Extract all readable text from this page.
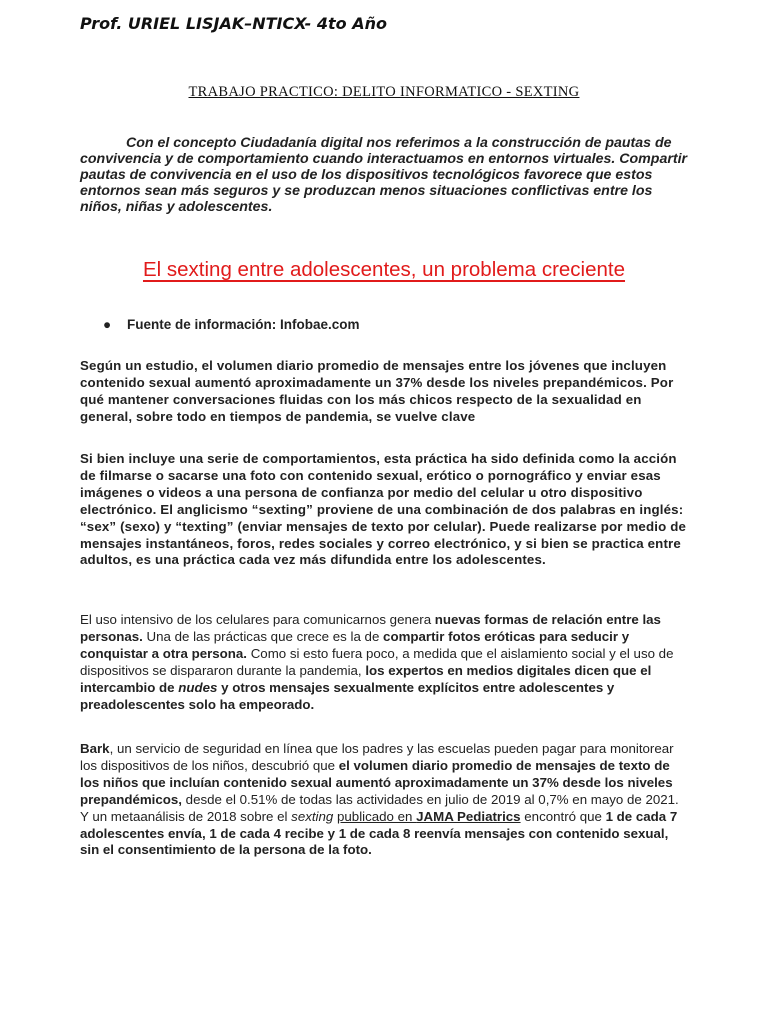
Prof. URIEL LISJAK–NTICX- 4to Año
TRABAJO PRACTICO: DELITO INFORMATICO - SEXTING
Con el concepto Ciudadanía digital nos referimos a la construcción de pautas de convivencia y de comportamiento cuando interactuamos en entornos virtuales. Compartir pautas de convivencia en el uso de los dispositivos tecnológicos favorece que estos entornos sean más seguros y se produzcan menos situaciones conflictivas entre los niños, niñas y adolescentes.
El sexting entre adolescentes, un problema creciente
● Fuente de información: Infobae.com
Según un estudio, el volumen diario promedio de mensajes entre los jóvenes que incluyen contenido sexual aumentó aproximadamente un 37% desde los niveles prepandémicos. Por qué mantener conversaciones fluidas con los más chicos respecto de la sexualidad en general, sobre todo en tiempos de pandemia, se vuelve clave
Si bien incluye una serie de comportamientos, esta práctica ha sido definida como la acción de filmarse o sacarse una foto con contenido sexual, erótico o pornográfico y enviar esas imágenes o videos a una persona de confianza por medio del celular u otro dispositivo electrónico. El anglicismo “sexting” proviene de una combinación de dos palabras en inglés: “sex” (sexo) y “texting” (enviar mensajes de texto por celular). Puede realizarse por medio de mensajes instantáneos, foros, redes sociales y correo electrónico, y si bien se practica entre adultos, es una práctica cada vez más difundida entre los adolescentes.
El uso intensivo de los celulares para comunicarnos genera nuevas formas de relación entre las personas. Una de las prácticas que crece es la de compartir fotos eróticas para seducir y conquistar a otra persona. Como si esto fuera poco, a medida que el aislamiento social y el uso de dispositivos se dispararon durante la pandemia, los expertos en medios digitales dicen que el intercambio de nudes y otros mensajes sexualmente explícitos entre adolescentes y preadolescentes solo ha empeorado.
Bark, un servicio de seguridad en línea que los padres y las escuelas pueden pagar para monitorear los dispositivos de los niños, descubrió que el volumen diario promedio de mensajes de texto de los niños que incluían contenido sexual aumentó aproximadamente un 37% desde los niveles prepandémicos, desde el 0.51% de todas las actividades en julio de 2019 al 0,7% en mayo de 2021. Y un metaanálisis de 2018 sobre el sexting publicado en JAMA Pediatrics encontró que 1 de cada 7 adolescentes envía, 1 de cada 4 recibe y 1 de cada 8 reenvía mensajes con contenido sexual, sin el consentimiento de la persona de la foto.
